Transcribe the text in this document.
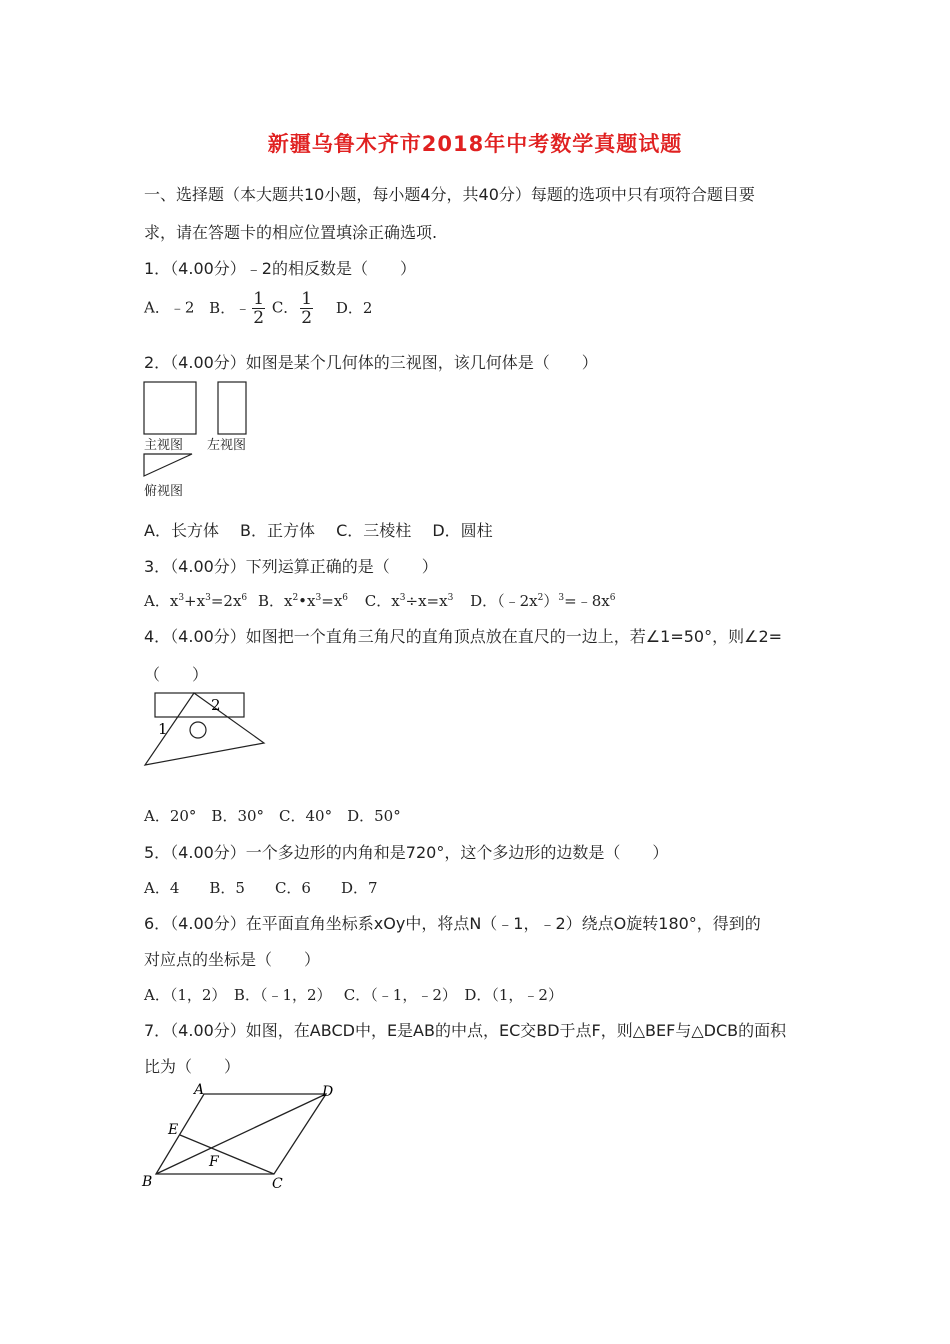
新疆乌鲁木齐市2018年中考数学真题试题
一、选择题（本大题共10小题，每小题4分，共40分）每题的选项中只有项符合题目要
求，请在答题卡的相应位置填涂正确选项.
1．（4.00分）﹣2的相反数是（　　）
A．﹣2 B．﹣ $\frac{1}{2}$ C． $\frac{1}{2}$ D．2
2．（4.00分）如图是某个几何体的三视图，该几何体是（　　）
主视图 左视图
俯视图
A．长方体　 B．正方体　 C．三棱柱　 D．圆柱
3．（4.00分）下列运算正确的是（　　）
A．$x^3+x^3=2x^6$ B．$x^2•x^3=x^6$ C．$x^3\div x=x^3$ D．$(﹣2x^2)^3=﹣8x^6$
4．（4.00分）如图把一个直角三角尺的直角顶点放在直尺的一边上，若∠1=50°，则∠2=
（　　）
1
2
A．20°　B．30°　C．40°　D．50°
5．（4.00分）一个多边形的内角和是720°，这个多边形的边数是（　　）
A．4　　B．5　　C．6　　D．7
6．（4.00分）在平面直角坐标系xOy中，将点N（﹣1，﹣2）绕点O旋转180°，得到的
对应点的坐标是（　　）
A．（1，2）　B．（﹣1，2）　 C．（﹣1，﹣2）　D．（1，﹣2）
7．（4.00分）如图，在ABCD中，E是AB的中点，EC交BD于点F，则△BEF与△DCB的面积
比为（　　）
A	D
E
F
B	C
